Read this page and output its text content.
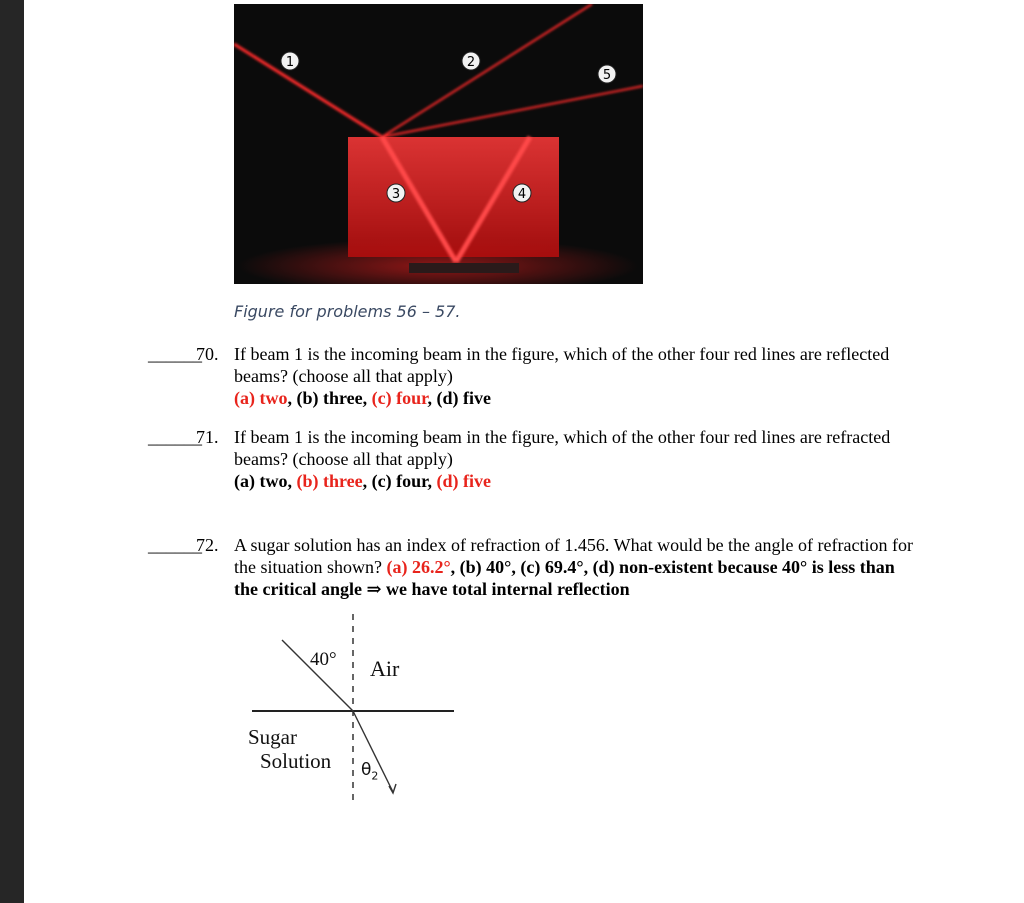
1	2
5
3	4
Figure for problems 56 – 57.
______
70. If beam 1 is the incoming beam in the figure, which of the other four red lines are reflected
beams? (choose all that apply)
(a) two, (b) three, (c) four, (d) five
______
71. If beam 1 is the incoming beam in the figure, which of the other four red lines are refracted
beams? (choose all that apply)
(a) two, (b) three, (c) four, (d) five
______
72. A sugar solution has an index of refraction of 1.456. What would be the angle of refraction for
the situation shown? (a) 26.2°, (b) 40°, (c) 69.4°, (d) non-existent because 40° is less than
the critical angle ⇒ we have total internal reflection
40° Air
Sugar
Solution $\theta_2$
